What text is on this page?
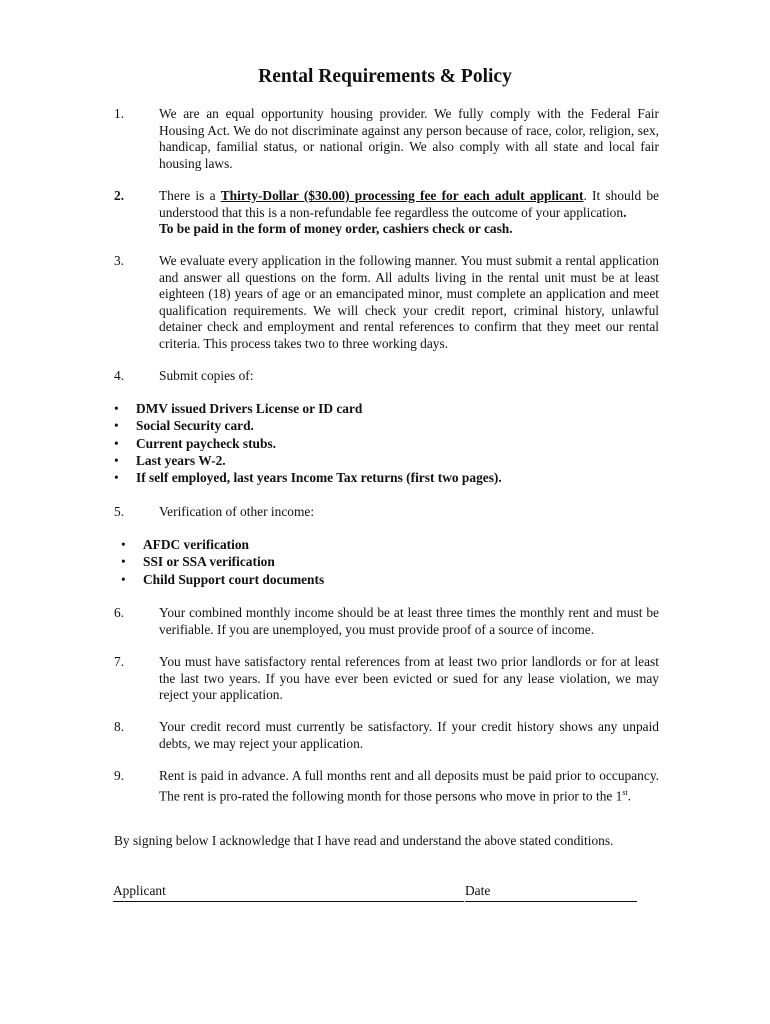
Rental Requirements & Policy
1.	We are an equal opportunity housing provider. We fully comply with the Federal Fair Housing Act. We do not discriminate against any person because of race, color, religion, sex, handicap, familial status, or national origin. We also comply with all state and local fair housing laws.
2.	There is a Thirty-Dollar ($30.00) processing fee for each adult applicant. It should be understood that this is a non-refundable fee regardless the outcome of your application.
To be paid in the form of money order, cashiers check or cash.
3.	We evaluate every application in the following manner. You must submit a rental application and answer all questions on the form. All adults living in the rental unit must be at least eighteen (18) years of age or an emancipated minor, must complete an application and meet qualification requirements. We will check your credit report, criminal history, unlawful detainer check and employment and rental references to confirm that they meet our rental criteria. This process takes two to three working days.
4.	Submit copies of:
• DMV issued Drivers License or ID card
• Social Security card.
• Current paycheck stubs.
• Last years W-2.
• If self employed, last years Income Tax returns (first two pages).
5.	Verification of other income:
• AFDC verification
• SSI or SSA verification
• Child Support court documents
6.	Your combined monthly income should be at least three times the monthly rent and must be verifiable. If you are unemployed, you must provide proof of a source of income.
7.	You must have satisfactory rental references from at least two prior landlords or for at least the last two years. If you have ever been evicted or sued for any lease violation, we may reject your application.
8.	Your credit record must currently be satisfactory. If your credit history shows any unpaid debts, we may reject your application.
9.	Rent is paid in advance. A full months rent and all deposits must be paid prior to occupancy. The rent is pro-rated the following month for those persons who move in prior to the 1st.
By signing below I acknowledge that I have read and understand the above stated conditions.
Applicant	Date
